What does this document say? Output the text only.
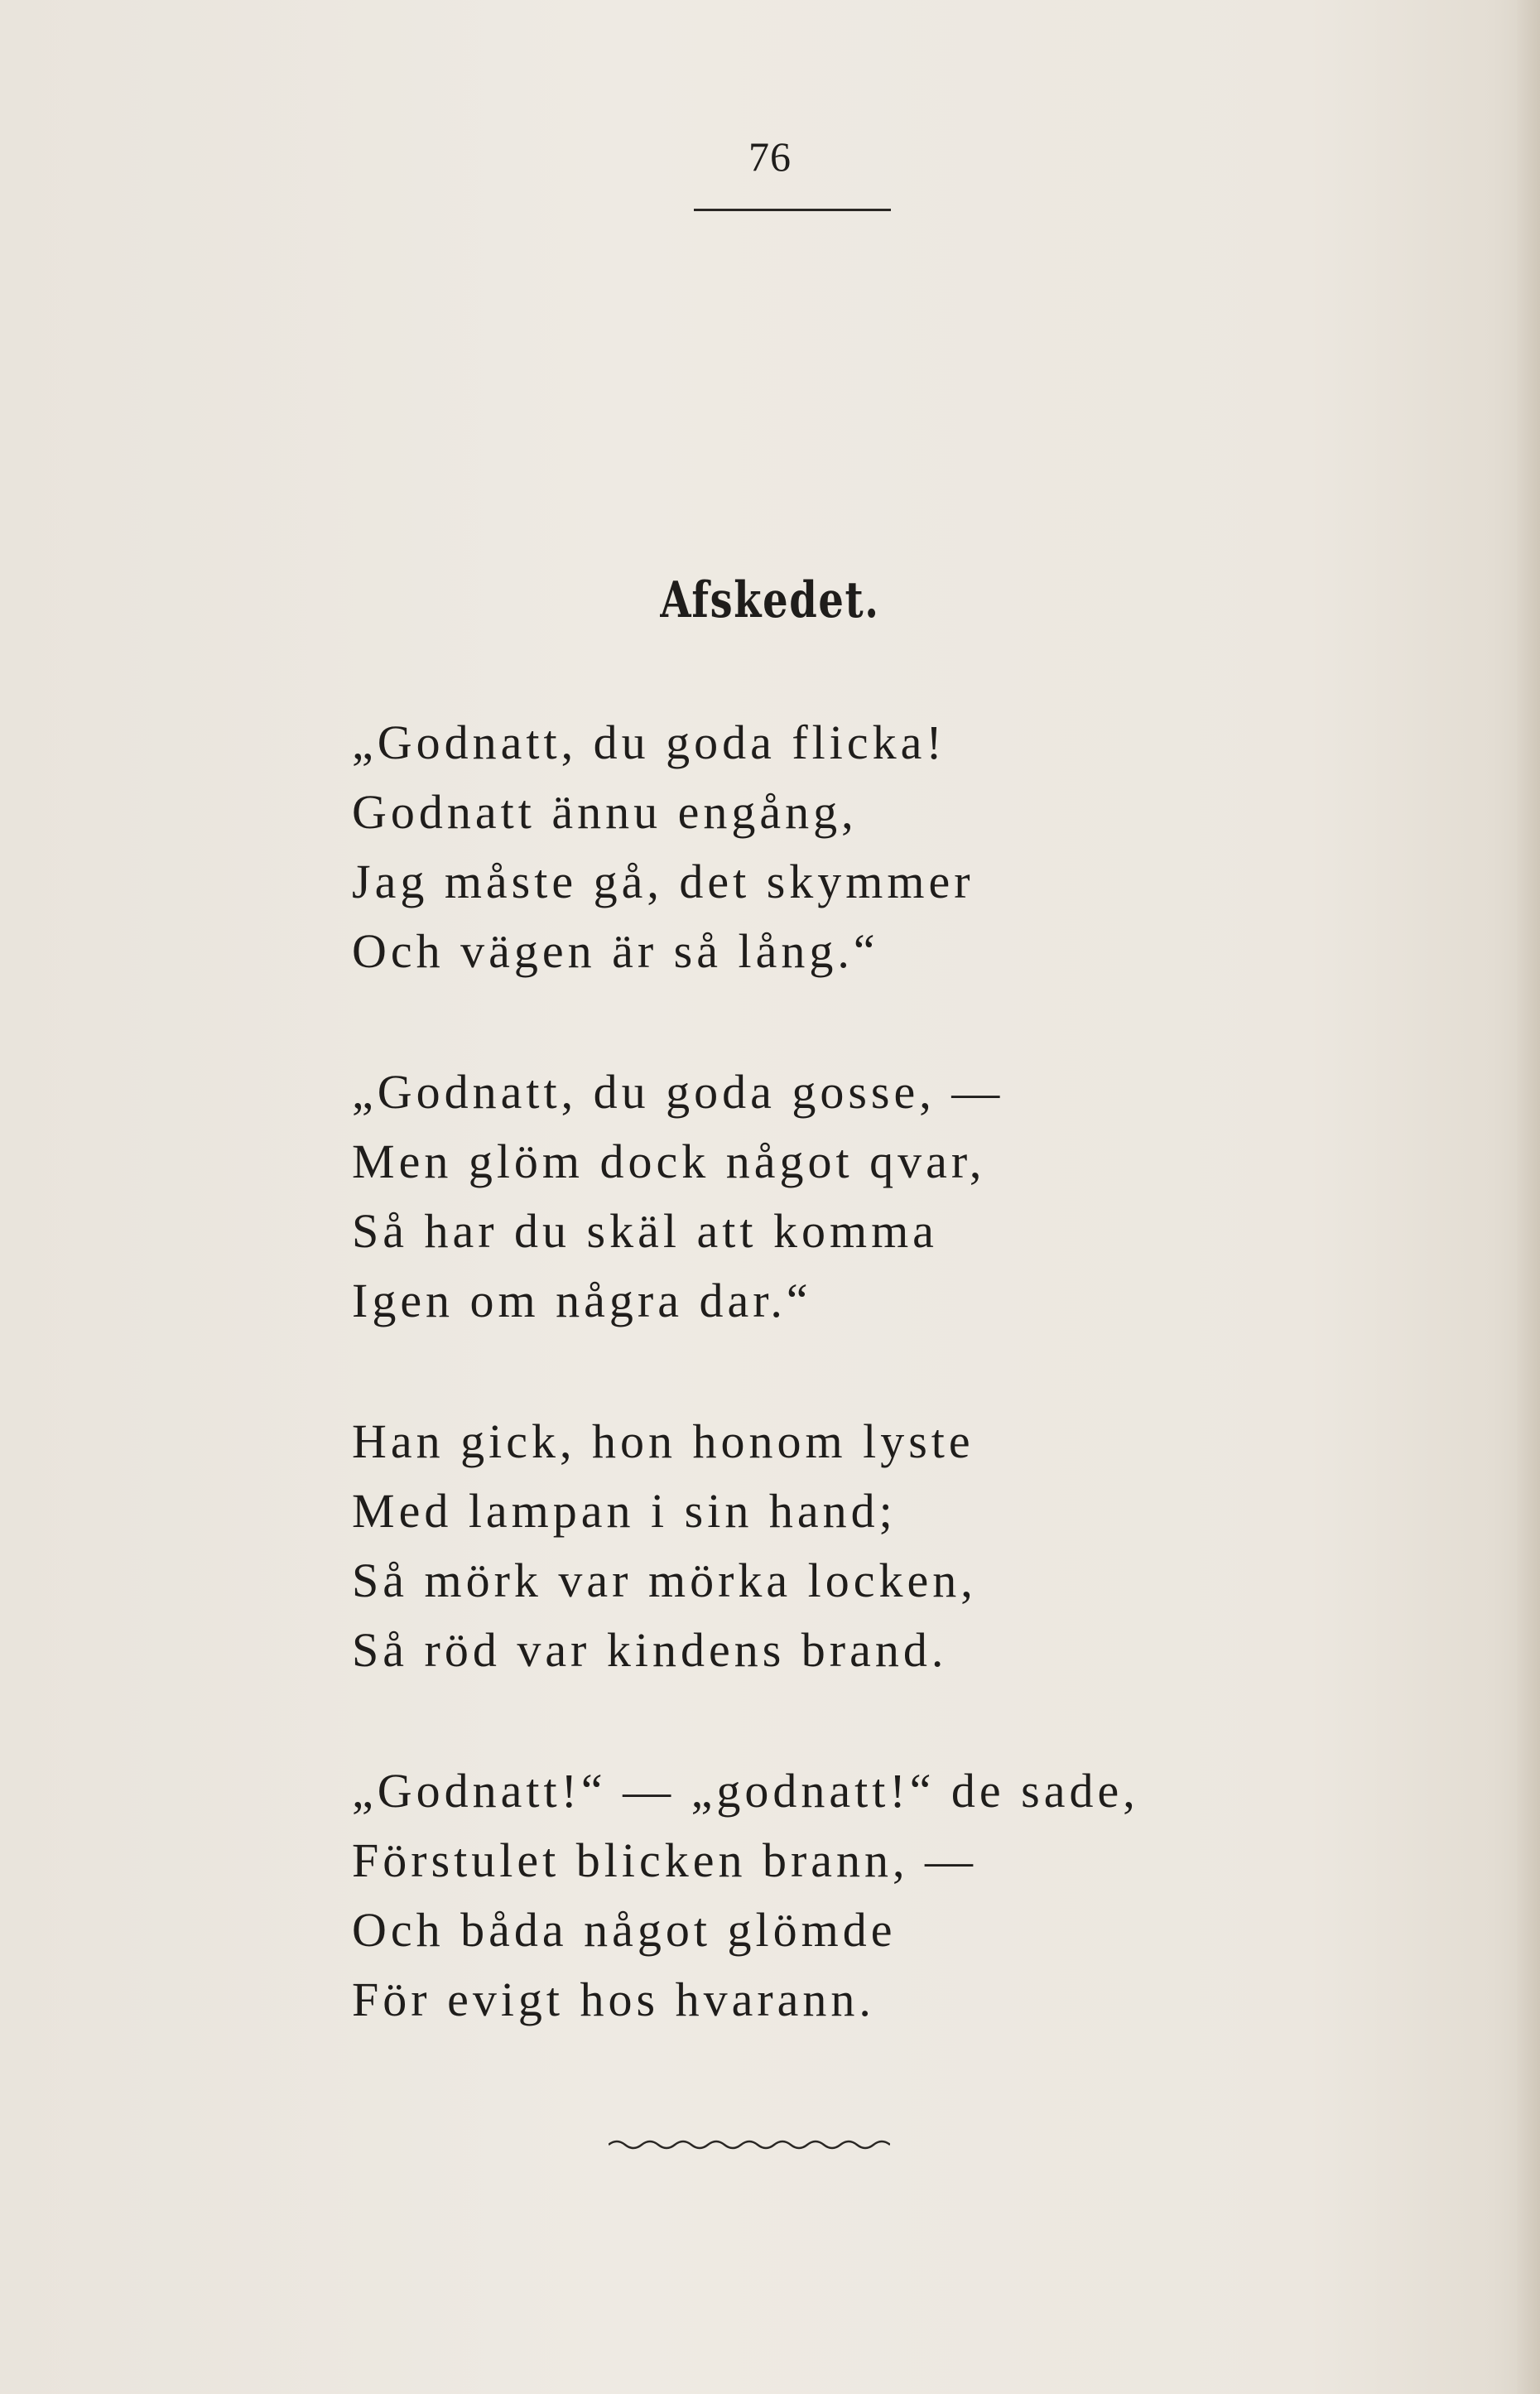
76
Afskedet.
„Godnatt, du goda flicka!
Godnatt ännu engång,
Jag måste gå, det skymmer
Och vägen är så lång.“
„Godnatt, du goda gosse, —
Men glöm dock något qvar,
Så har du skäl att komma
Igen om några dar.“
Han gick, hon honom lyste
Med lampan i sin hand;
Så mörk var mörka locken,
Så röd var kindens brand.
„Godnatt!“ — „godnatt!“ de sade,
Förstulet blicken brann, —
Och båda något glömde
För evigt hos hvarann.
